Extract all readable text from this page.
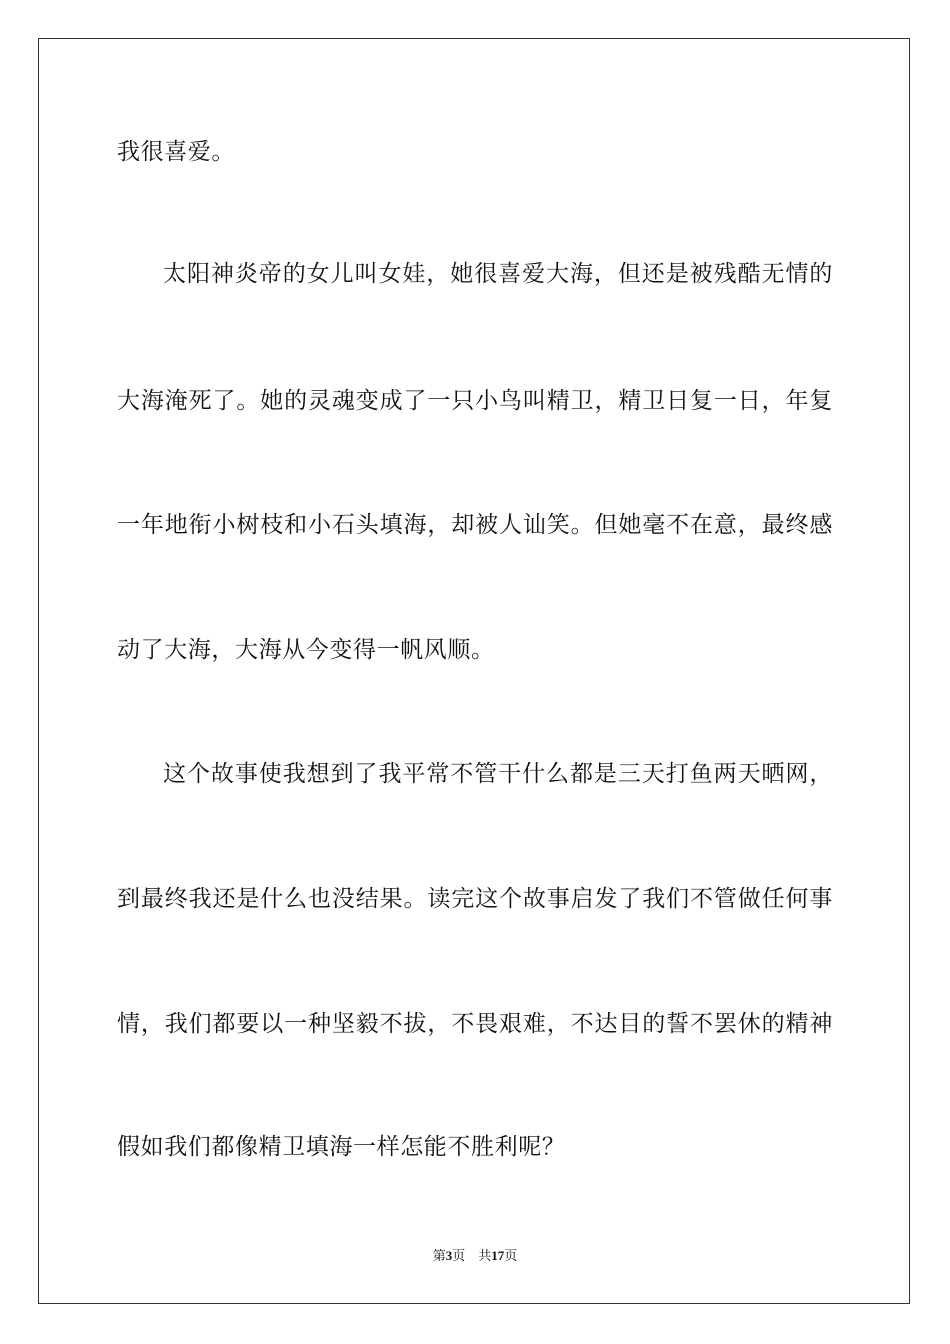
我很喜爱。
太阳神炎帝的女儿叫女娃，她很喜爱大海，但还是被残酷无情的
大海淹死了。她的灵魂变成了一只小鸟叫精卫，精卫日复一日，年复
一年地衔小树枝和小石头填海，却被人讪笑。但她毫不在意，最终感
动了大海，大海从今变得一帆风顺。
这个故事使我想到了我平常不管干什么都是三天打鱼两天晒网，
到最终我还是什么也没结果。读完这个故事启发了我们不管做任何事
情，我们都要以一种坚毅不拔，不畏艰难，不达目的誓不罢休的精神
假如我们都像精卫填海一样怎能不胜利呢？
第3页 共17页
